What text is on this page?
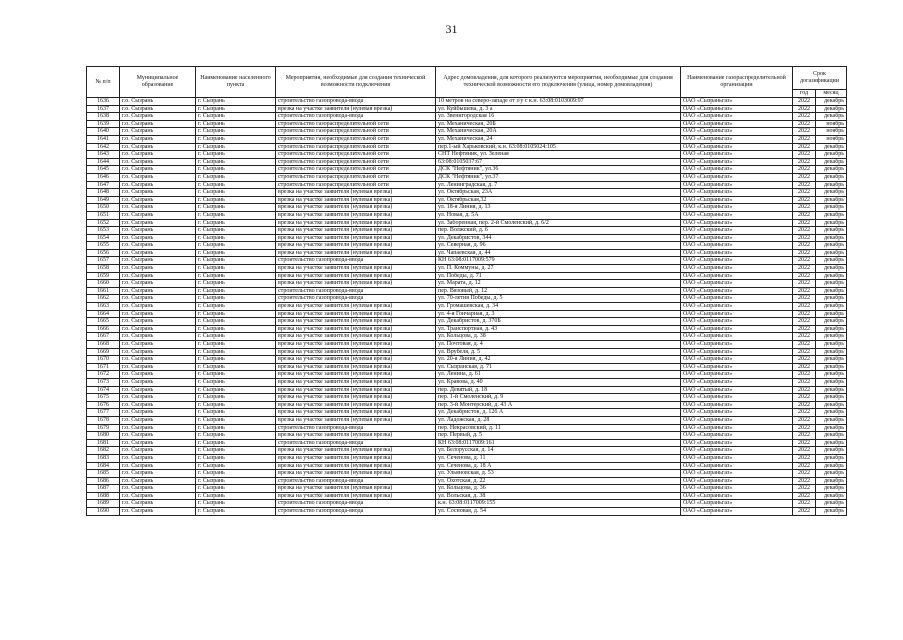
31
№ п/п	Муниципальное образование	Наименование населенного пункта	Мероприятия, необходимые для создания технической возможности подключения	Адрес домовладения, для которого реализуются мероприятия, необходимые для создания технической возможности его подключения (улица, номер домовладения)	Наименование газораспределительной организации	Срок догазификации	
						год	месяц
1636	г.о. Сызрань	г. Сызрань	строительство газопровода-ввода	10 метров на северо-западе от з/у с к.н. 63:08:0103009:97	ОАО «Сызраньгаз»	2022	декабрь
1637	г.о. Сызрань	г. Сызрань	врезка на участке заявителя (нулевая врезка)	ул. Куйбышева, д. 3 а	ОАО «Сызраньгаз»	2022	декабрь
1638	г.о. Сызрань	г. Сызрань	строительство газопровода-ввода	ул. Звенигородская 16	ОАО «Сызраньгаз»	2022	декабрь
1639	г.о. Сызрань	г. Сызрань	строительство газораспределительной сети	ул. Механическая, 20Б	ОАО «Сызраньгаз»	2022	ноябрь
1640	г.о. Сызрань	г. Сызрань	строительство газораспределительной сети	ул. Механическая, 20А	ОАО «Сызраньгаз»	2022	ноябрь
1641	г.о. Сызрань	г. Сызрань	строительство газораспределительной сети	ул. Механическая, 24	ОАО «Сызраньгаз»	2022	ноябрь
1642	г.о. Сызрань	г. Сызрань	строительство газораспределительной сети	пер.1-ый Харьковский, к.н. 63:08:0105024:105	ОАО «Сызраньгаз»	2022	декабрь
1643	г.о. Сызрань	г. Сызрань	строительство газораспределительной сети	СНТ Нефтяник, ул. Зеленая	ОАО «Сызраньгаз»	2022	декабрь
1644	г.о. Сызрань	г. Сызрань	строительство газораспределительной сети	63:08:0105037:67	ОАО «Сызраньгаз»	2022	декабрь
1645	г.о. Сызрань	г. Сызрань	строительство газораспределительной сети	ДСК "Нефтяник", ул.36	ОАО «Сызраньгаз»	2022	декабрь
1646	г.о. Сызрань	г. Сызрань	строительство газораспределительной сети	ДСК "Нефтяник", ул.37	ОАО «Сызраньгаз»	2022	декабрь
1647	г.о. Сызрань	г. Сызрань	строительство газораспределительной сети	ул. Ленинградская, д. 7	ОАО «Сызраньгаз»	2022	декабрь
1648	г.о. Сызрань	г. Сызрань	врезка на участке заявителя (нулевая врезка)	ул. Октябрьская, 23А	ОАО «Сызраньгаз»	2022	декабрь
1649	г.о. Сызрань	г. Сызрань	врезка на участке заявителя (нулевая врезка)	ул. Октябрьская,32	ОАО «Сызраньгаз»	2022	декабрь
1650	г.о. Сызрань	г. Сызрань	врезка на участке заявителя (нулевая врезка)	ул. 18-я Линия, д. 13	ОАО «Сызраньгаз»	2022	декабрь
1651	г.о. Сызрань	г. Сызрань	врезка на участке заявителя (нулевая врезка)	ул. Новая, д. 5А	ОАО «Сызраньгаз»	2022	декабрь
1652	г.о. Сызрань	г. Сызрань	врезка на участке заявителя (нулевая врезка)	ул. Заборенная, пер. 2-й Смоленский, д. 6/2	ОАО «Сызраньгаз»	2022	декабрь
1653	г.о. Сызрань	г. Сызрань	врезка на участке заявителя (нулевая врезка)	пер. Волжский, д. 6	ОАО «Сызраньгаз»	2022	декабрь
1654	г.о. Сызрань	г. Сызрань	врезка на участке заявителя (нулевая врезка)	ул. Декабристов, 344	ОАО «Сызраньгаз»	2022	декабрь
1655	г.о. Сызрань	г. Сызрань	врезка на участке заявителя (нулевая врезка)	ул. Северная, д. 96	ОАО «Сызраньгаз»	2022	декабрь
1656	г.о. Сызрань	г. Сызрань	врезка на участке заявителя (нулевая врезка)	ул. Чапаевская, д. 44	ОАО «Сызраньгаз»	2022	декабрь
1657	г.о. Сызрань	г. Сызрань	строительство газопровода-ввода	КН 63:08:0117009:579	ОАО «Сызраньгаз»	2022	декабрь
1658	г.о. Сызрань	г. Сызрань	врезка на участке заявителя (нулевая врезка)	ул. П. Коммуны, д. 27	ОАО «Сызраньгаз»	2022	декабрь
1659	г.о. Сызрань	г. Сызрань	врезка на участке заявителя (нулевая врезка)	ул. Победы, д. 71	ОАО «Сызраньгаз»	2022	декабрь
1660	г.о. Сызрань	г. Сызрань	врезка на участке заявителя (нулевая врезка)	ул. Марата, д. 12	ОАО «Сызраньгаз»	2022	декабрь
1661	г.о. Сызрань	г. Сызрань	строительство газопровода-ввода	пер. Вязовый, д. 12	ОАО «Сызраньгаз»	2022	декабрь
1662	г.о. Сызрань	г. Сызрань	строительство газопровода-ввода	ул. 70-летия Победы, д. 5	ОАО «Сызраньгаз»	2022	декабрь
1663	г.о. Сызрань	г. Сызрань	врезка на участке заявителя (нулевая врезка)	ул. Громашевская, д. 34	ОАО «Сызраньгаз»	2022	декабрь
1664	г.о. Сызрань	г. Сызрань	врезка на участке заявителя (нулевая врезка)	ул. 4-я Гончарная, д. 3	ОАО «Сызраньгаз»	2022	декабрь
1665	г.о. Сызрань	г. Сызрань	врезка на участке заявителя (нулевая врезка)	ул. Декабристов, д. 370Б	ОАО «Сызраньгаз»	2022	декабрь
1666	г.о. Сызрань	г. Сызрань	врезка на участке заявителя (нулевая врезка)	ул. Транспортная, д. 43	ОАО «Сызраньгаз»	2022	декабрь
1667	г.о. Сызрань	г. Сызрань	врезка на участке заявителя (нулевая врезка)	ул. Кольцова, д. 38	ОАО «Сызраньгаз»	2022	декабрь
1668	г.о. Сызрань	г. Сызрань	врезка на участке заявителя (нулевая врезка)	ул. Почтовая, д. 4	ОАО «Сызраньгаз»	2022	декабрь
1669	г.о. Сызрань	г. Сызрань	врезка на участке заявителя (нулевая врезка)	ул. Врубеля, д. 5	ОАО «Сызраньгаз»	2022	декабрь
1670	г.о. Сызрань	г. Сызрань	врезка на участке заявителя (нулевая врезка)	ул. 20-я Линия, д. 42	ОАО «Сызраньгаз»	2022	декабрь
1671	г.о. Сызрань	г. Сызрань	врезка на участке заявителя (нулевая врезка)	ул. Сызранская, д. 71	ОАО «Сызраньгаз»	2022	декабрь
1672	г.о. Сызрань	г. Сызрань	врезка на участке заявителя (нулевая врезка)	ул. Ленина, д. 61	ОАО «Сызраньгаз»	2022	декабрь
1673	г.о. Сызрань	г. Сызрань	врезка на участке заявителя (нулевая врезка)	ул. Кравова, д. 40	ОАО «Сызраньгаз»	2022	декабрь
1674	г.о. Сызрань	г. Сызрань	врезка на участке заявителя (нулевая врезка)	пер. Девятый, д. 18	ОАО «Сызраньгаз»	2022	декабрь
1675	г.о. Сызрань	г. Сызрань	врезка на участке заявителя (нулевая врезка)	пер. 1-й Смоленский, д. 9	ОАО «Сызраньгаз»	2022	декабрь
1676	г.о. Сызрань	г. Сызрань	врезка на участке заявителя (нулевая врезка)	пер. 3-й Монтерский, д. 43 А	ОАО «Сызраньгаз»	2022	декабрь
1677	г.о. Сызрань	г. Сызрань	врезка на участке заявителя (нулевая врезка)	ул. Декабристов, д. 126 А	ОАО «Сызраньгаз»	2022	декабрь
1678	г.о. Сызрань	г. Сызрань	врезка на участке заявителя (нулевая врезка)	ул. Ладожская, д. 28	ОАО «Сызраньгаз»	2022	декабрь
1679	г.о. Сызрань	г. Сызрань	строительство газопровода-ввода	пер. Некрасовский, д. 11	ОАО «Сызраньгаз»	2022	декабрь
1680	г.о. Сызрань	г. Сызрань	врезка на участке заявителя (нулевая врезка)	пер. Первый, д. 5	ОАО «Сызраньгаз»	2022	декабрь
1681	г.о. Сызрань	г. Сызрань	строительство газопровода-ввода	КН 63:08:0117009:161	ОАО «Сызраньгаз»	2022	декабрь
1682	г.о. Сызрань	г. Сызрань	врезка на участке заявителя (нулевая врезка)	ул. Белорусская, д. 14	ОАО «Сызраньгаз»	2022	декабрь
1683	г.о. Сызрань	г. Сызрань	врезка на участке заявителя (нулевая врезка)	ул. Сеченова, д. 11	ОАО «Сызраньгаз»	2022	декабрь
1684	г.о. Сызрань	г. Сызрань	врезка на участке заявителя (нулевая врезка)	ул. Сеченова, д. 18 А	ОАО «Сызраньгаз»	2022	декабрь
1685	г.о. Сызрань	г. Сызрань	врезка на участке заявителя (нулевая врезка)	ул. Ульяновская, д. 53	ОАО «Сызраньгаз»	2022	декабрь
1686	г.о. Сызрань	г. Сызрань	строительство газопровода-ввода	ул. Охотская, д. 22	ОАО «Сызраньгаз»	2022	декабрь
1687	г.о. Сызрань	г. Сызрань	врезка на участке заявителя (нулевая врезка)	ул. Кольцова, д. 36	ОАО «Сызраньгаз»	2022	декабрь
1688	г.о. Сызрань	г. Сызрань	врезка на участке заявителя (нулевая врезка)	ул. Вольская, д. 38	ОАО «Сызраньгаз»	2022	декабрь
1689	г.о. Сызрань	г. Сызрань	строительство газопровода-ввода	к.н. 63:08:0117009:155	ОАО «Сызраньгаз»	2022	декабрь
1690	г.о. Сызрань	г. Сызрань	строительство газопровода-ввода	ул. Сосновая, д. 54	ОАО «Сызраньгаз»	2022	декабрь
